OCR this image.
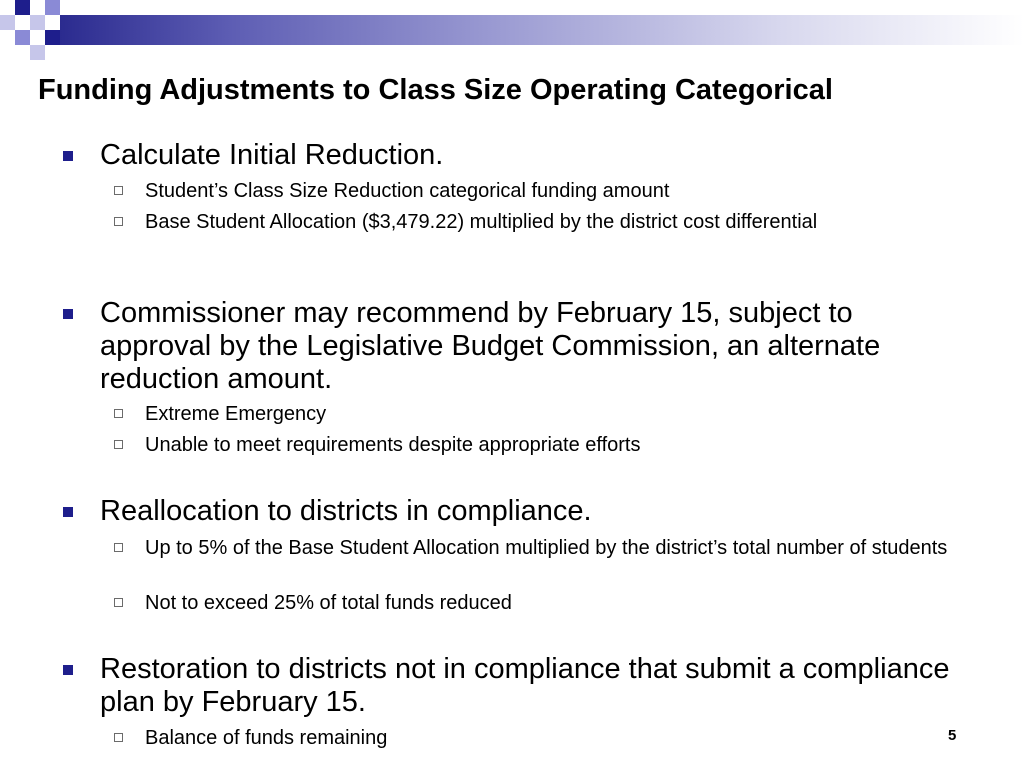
Funding Adjustments to Class Size Operating Categorical
Calculate Initial Reduction.
Student’s Class Size Reduction categorical funding amount
Base Student Allocation ($3,479.22) multiplied by the district cost differential
Commissioner may recommend by February 15, subject to approval by the Legislative Budget Commission, an alternate reduction amount.
Extreme Emergency
Unable to meet requirements despite appropriate efforts
Reallocation to districts in compliance.
Up to 5% of the Base Student Allocation multiplied by the district’s total number of students
Not to exceed 25% of total funds reduced
Restoration to districts not in compliance that submit a compliance plan by February 15.
Balance of funds remaining	5
